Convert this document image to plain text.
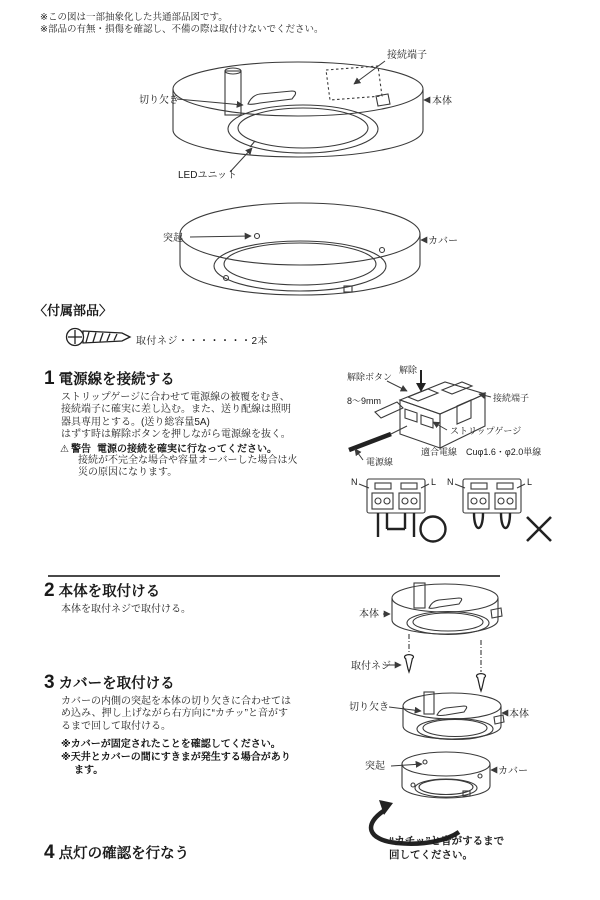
※この図は一部抽象化した共通部品図です。
※部品の有無・損傷を確認し、不備の際は取付けないでください。
接続端子
切り欠き	本体
LEDユニット
突起	カバー
〈付属部品〉
取付ネジ・・・・・・・2本
1 電源線を接続する
ストリップゲージに合わせて電源線の被覆をむき、
接続端子に確実に差し込む。また、送り配線は照明
器具専用とする。(送り総容量5A)
はずす時は解除ボタンを押しながら電源線を抜く。
⚠ 警告 電源の接続を確実に行なってください。
接続が不完全な場合や容量オーバーした場合は火
災の原因になります。
解除ボタン
解除
8〜9mm	接続端子
ストリップゲージ
電源線
適合電線　Cuφ1.6・φ2.0単線
N	L N	L
2 本体を取付ける
本体を取付ネジで取付ける。	本体
取付ネジ
3 カバーを取付ける
カバーの内側の突起を本体の切り欠きに合わせては
め込み、押し上げながら右方向に“カチッ”と音がす
るまで回して取付ける。
※カバーが固定されたことを確認してください。
※天井とカバーの間にすきまが発生する場合があり
ます。
切り欠き
本体
突起	カバー
“カチッ”と音がするまで
回してください。
4 点灯の確認を行なう
